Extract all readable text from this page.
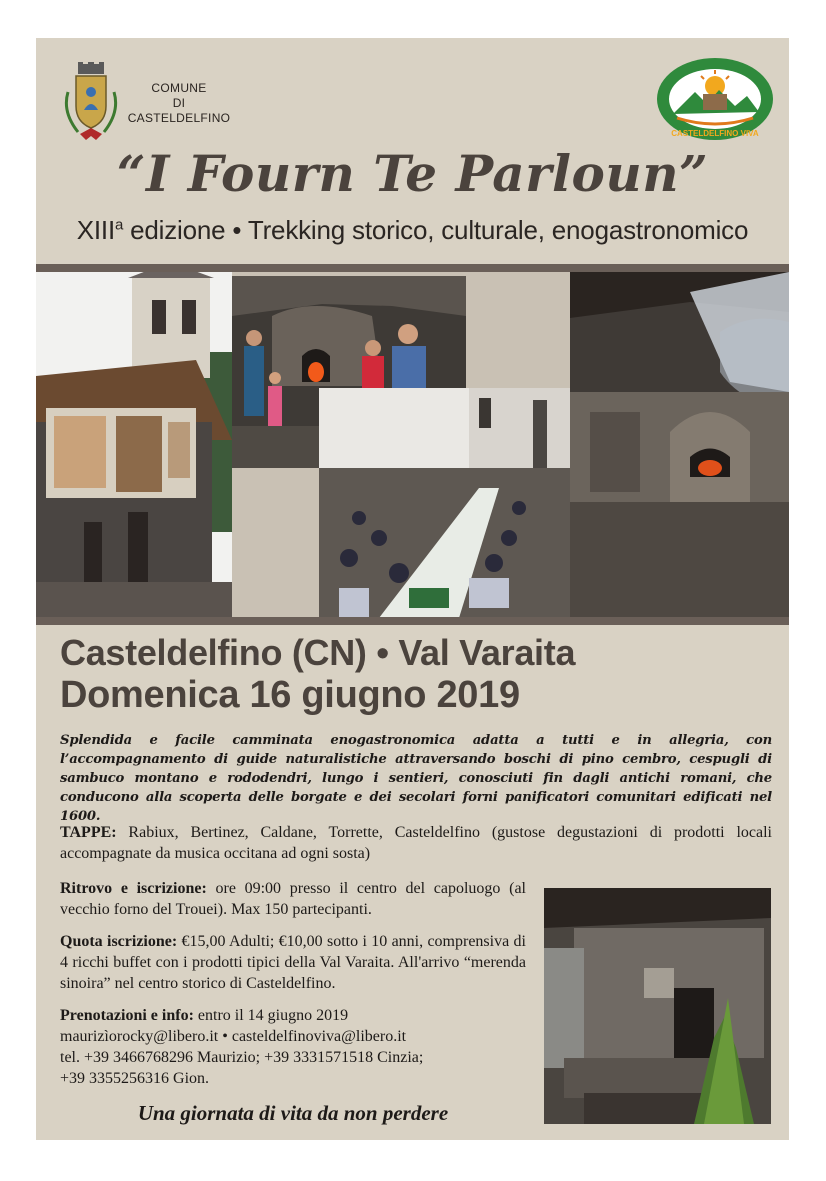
COMUNE
DI
CASTELDELFINO
CASTELDELFINO VIVA
“I Fourn Te Parloun”
XIII$^a$ edizione • Trekking storico, culturale, enogastronomico
Casteldelfino (CN) • Val Varaita
Domenica 16 giugno 2019
Splendida e facile camminata enogastronomica adatta a tutti e in allegria, con l’accompagnamento di guide naturalistiche attraversando boschi di pino cembro, cespugli di sambuco montano e rododendri, lungo i sentieri, conosciuti fin dagli antichi romani, che conducono alla scoperta delle borgate e dei secolari forni panificatori comunitari edificati nel 1600.
TAPPE: Rabiux, Bertinez, Caldane, Torrette, Casteldelfino (gustose degustazioni di prodotti locali accompagnate da musica occitana ad ogni sosta)
Ritrovo e iscrizione: ore 09:00 presso il centro del capoluogo (al vecchio forno del Trouei). Max 150 partecipanti.
Quota iscrizione: €15,00 Adulti; €10,00 sotto i 10 anni, comprensiva di 4 ricchi buffet con i prodotti tipici della Val Varaita. All'arrivo “merenda sinoira” nel centro storico di Casteldelfino.
Prenotazioni e info: entro il 14 giugno 2019
maurizìorocky@libero.it • casteldelfinoviva@libero.it
tel. +39 3466768296 Maurizio; +39 3331571518 Cinzia;
+39 3355256316 Gion.
Una giornata di vita da non perdere
